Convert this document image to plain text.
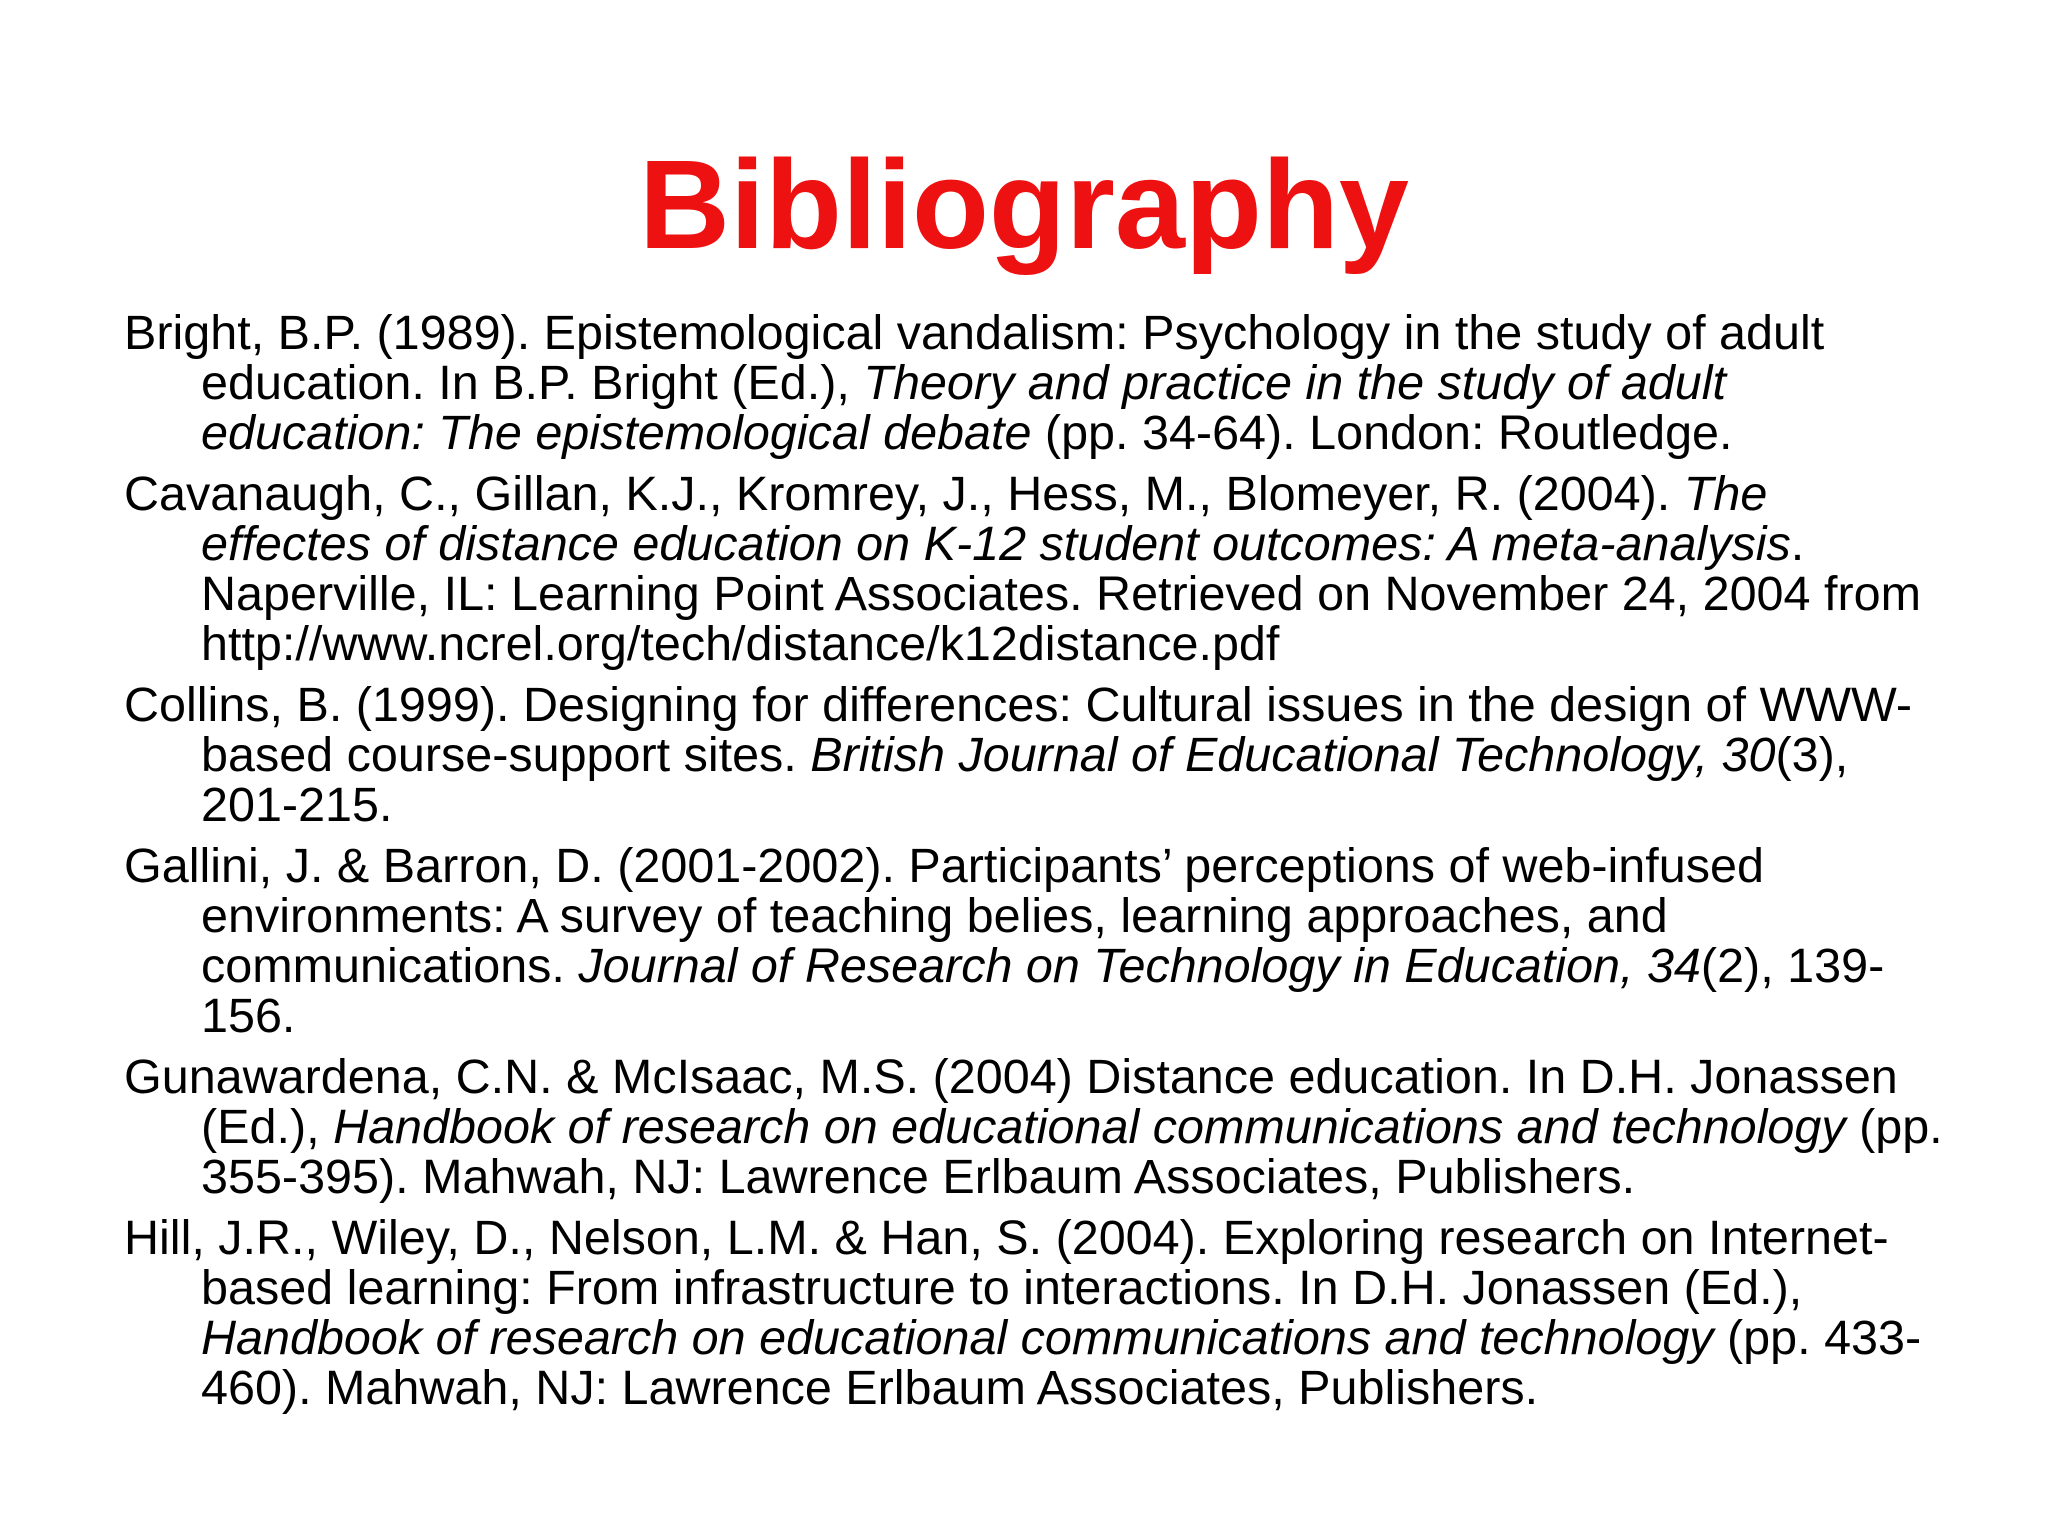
Bibliography
Bright, B.P. (1989). Epistemological vandalism: Psychology in the study of adult education. In B.P. Bright (Ed.), Theory and practice in the study of adult education: The epistemological debate (pp. 34-64). London: Routledge.
Cavanaugh, C., Gillan, K.J., Kromrey, J., Hess, M., Blomeyer, R. (2004). The effectes of distance education on K-12 student outcomes: A meta-analysis. Naperville, IL: Learning Point Associates. Retrieved on November 24, 2004 from http://www.ncrel.org/tech/distance/k12distance.pdf
Collins, B. (1999). Designing for differences: Cultural issues in the design of WWW-based course-support sites. British Journal of Educational Technology, 30(3), 201-215.
Gallini, J. & Barron, D. (2001-2002). Participants’ perceptions of web-infused environments: A survey of teaching belies, learning approaches, and communications. Journal of Research on Technology in Education, 34(2), 139-156.
Gunawardena, C.N. & McIsaac, M.S. (2004) Distance education. In D.H. Jonassen (Ed.), Handbook of research on educational communications and technology (pp. 355-395). Mahwah, NJ: Lawrence Erlbaum Associates, Publishers.
Hill, J.R., Wiley, D., Nelson, L.M. & Han, S. (2004). Exploring research on Internet-based learning: From infrastructure to interactions. In D.H. Jonassen (Ed.), Handbook of research on educational communications and technology (pp. 433-460). Mahwah, NJ: Lawrence Erlbaum Associates, Publishers.
